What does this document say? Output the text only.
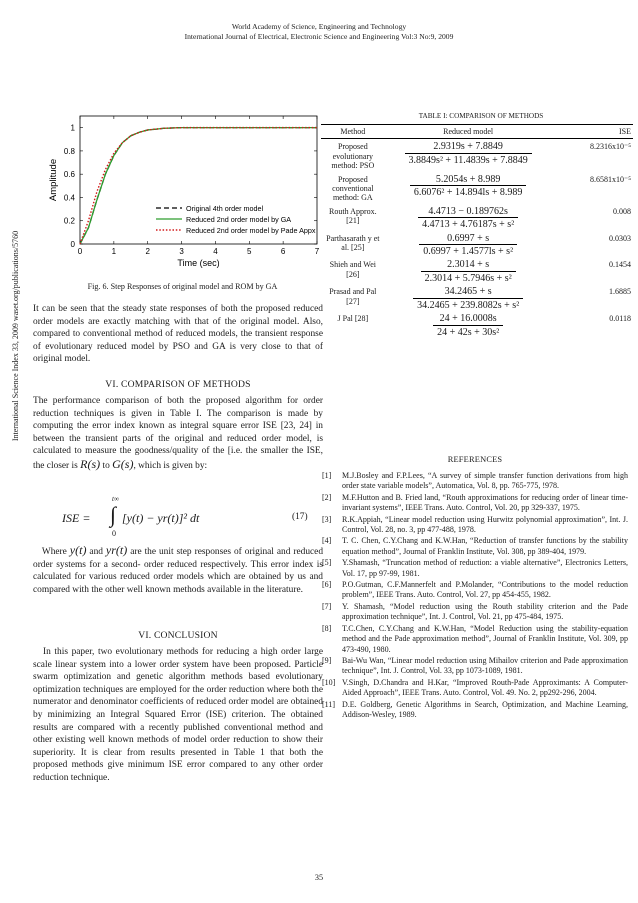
World Academy of Science, Engineering and Technology
International Journal of Electrical, Electronic Science and Engineering Vol:3 No:9, 2009
International Science Index 33, 2009 waset.org/publications/5760	0	1	2	3	4	5	6	7
0
0.2
0.4
0.6
0.8
1
Time (sec)
Amplitude
Original 4th order model
Reduced 2nd order model by GA
Reduced 2nd order model by Pade Appx
Fig. 6. Step Responses of original model and ROM by GA
It can be seen that the steady state responses of both the proposed reduced order models are exactly matching with that of the original model. Also, compared to conventional method of reduced models, the transient response of evolutionary reduced model by PSO and GA is very close to that of original model.
VI. COMPARISON OF METHODS
The performance comparison of both the proposed algorithm for order reduction techniques is given in Table I. The comparison is made by computing the error index known as integral square error ISE [23, 24] in between the transient parts of the original and reduced order model, is calculated to measure the goodness/quality of the [i.e. the smaller the ISE, the closer is R(s) to G(s), which is given by:
ISE =
t∞
∫
0
[y(t) − yr(t)]² dt	(17)
Where y(t) and yr(t) are the unit step responses of original and reduced order systems for a second- order reduced respectively. This error index is calculated for various reduced order models which are obtained by us and compared with the other well known methods available in the literature.
VI. CONCLUSION
In this paper, two evolutionary methods for reducing a high order large scale linear system into a lower order system have been proposed. Particle swarm optimization and genetic algorithm methods based evolutionary optimization techniques are employed for the order reduction where both the numerator and denominator coefficients of reduced order model are obtained by minimizing an Integral Squared Error (ISE) criterion. The obtained results are compared with a recently published conventional method and other existing well known methods of model order reduction to show their superiority. It is clear from results presented in Table 1 that both the proposed methods give minimum ISE error compared to any other order reduction technique.
TABLE I: COMPARISON OF METHODS
Method	Reduced model	ISE
Proposed evolutionary method: PSO	$\frac{2.9319s + 7.8849}{\text{3.8849s² + 11.4839s + 7.8849}}$	8.2316x10⁻⁵
Proposed conventional method: GA	$\frac{5.2054s + 8.989}{\text{6.6076² + 14.894ls + 8.989}}$	8.6581x10⁻⁵
Routh Approx. [21]	$\frac{4.4713 - 0.189762s}{\text{4.4713 + 4.76187s + s²}}$	0.008
Parthasarath y et al. [25]	$\frac{0.6997 + s}{\text{0.6997 + 1.4577ls + s²}}$	0.0303
Shieh and Wei [26]	$\frac{2.3014 + s}{\text{2.3014 + 5.7946s + s²}}$	0.1454
Prasad and Pal [27]	$\frac{34.2465 + s}{\text{34.2465 + 239.8082s + s²}}$	1.6885
J Pal [28]	$\frac{24 + 16.0008s}{\text{24 + 42s + 30s²}}$	0.0118
REFERENCES
[1]	M.J.Bosley and F.P.Lees, “A survey of simple transfer function derivations from high order state variable models”, Automatica, Vol. 8, pp. 765-775, !978.
[2]	M.F.Hutton and B. Fried land, “Routh approximations for reducing order of linear time- invariant systems”, IEEE Trans. Auto. Control, Vol. 20, pp 329-337, 1975.
[3]	R.K.Appiah, “Linear model reduction using Hurwitz polynomial approximation”, Int. J. Control, Vol. 28, no. 3, pp 477-488, 1978.
[4]	T. C. Chen, C.Y.Chang and K.W.Han, “Reduction of transfer functions by the stability equation method”, Journal of Franklin Institute, Vol. 308, pp 389-404, 1979.
[5]	Y.Shamash, “Truncation method of reduction: a viable alternative”, Electronics Letters, Vol. 17, pp 97-99, 1981.
[6]	P.O.Gutman, C.F.Mannerfelt and P.Molander, “Contributions to the model reduction problem”, IEEE Trans. Auto. Control, Vol. 27, pp 454-455, 1982.
[7]	Y. Shamash, “Model reduction using the Routh stability criterion and the Pade approximation technique”, Int. J. Control, Vol. 21, pp 475-484, 1975.
[8]	T.C.Chen, C.Y.Chang and K.W.Han, “Model Reduction using the stability-equation method and the Pade approximation method”, Journal of Franklin Institute, Vol. 309, pp 473-490, 1980.
[9]	Bai-Wu Wan, “Linear model reduction using Mihailov criterion and Pade approximation technique”, Int. J. Control, Vol. 33, pp 1073-1089, 1981.
[10] V.Singh, D.Chandra and H.Kar, “Improved Routh-Pade Approximants: A Computer-Aided Approach”, IEEE Trans. Auto. Control, Vol. 49. No. 2, pp292-296, 2004.
[11] D.E. Goldberg, Genetic Algorithms in Search, Optimization, and Machine Learning, Addison-Wesley, 1989.
35
